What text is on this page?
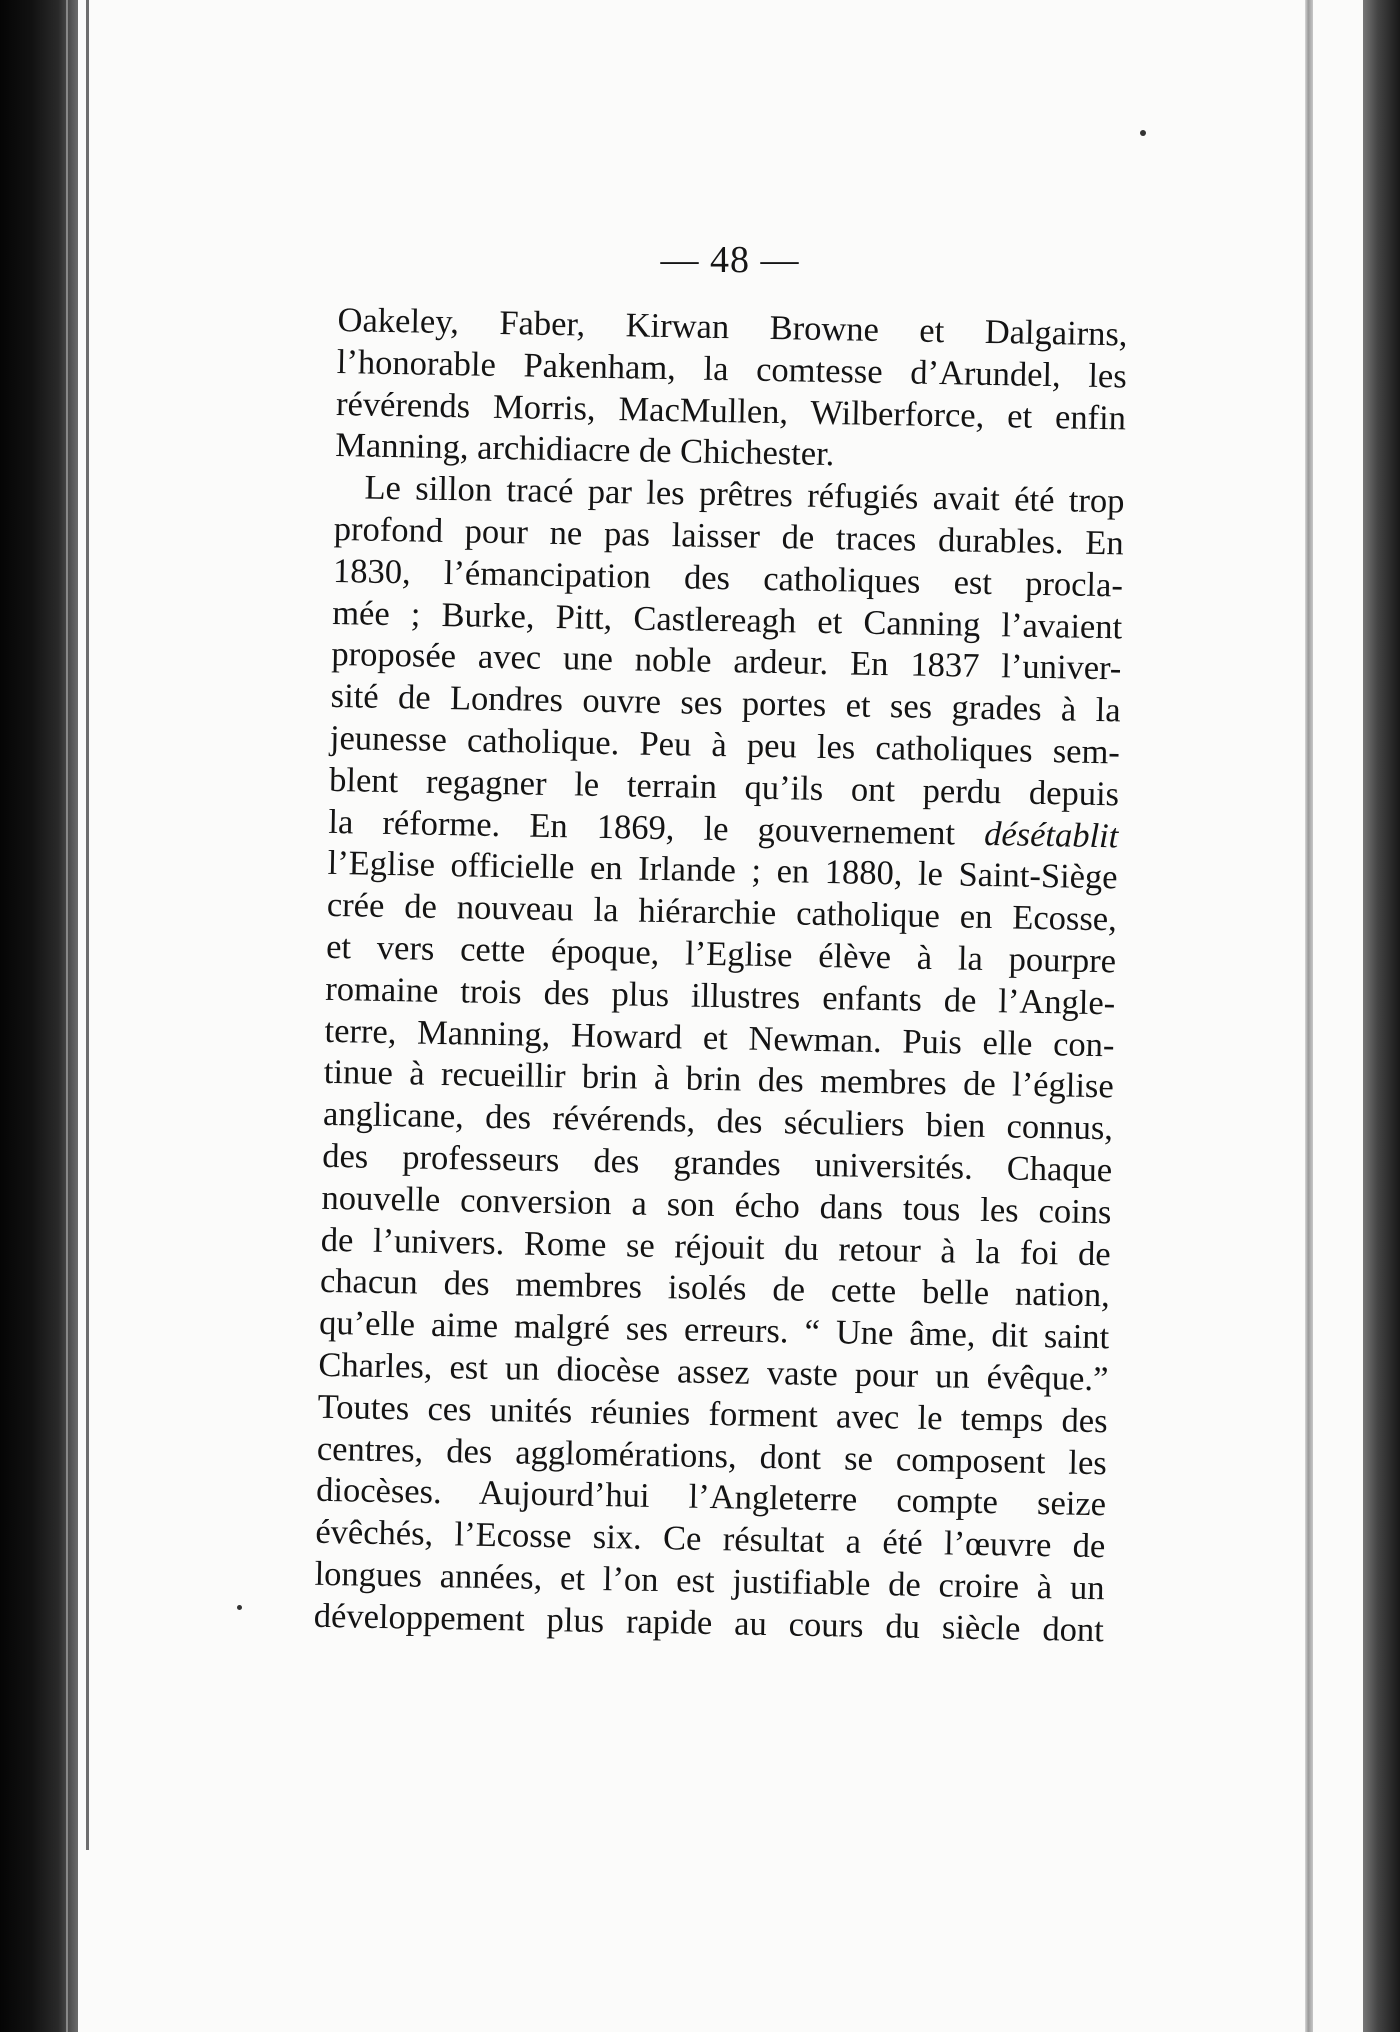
— 48 —
Oakeley, Faber, Kirwan Browne et Dalgairns,
l’honorable Pakenham, la comtesse d’Arundel, les
révérends Morris, MacMullen, Wilberforce, et enfin
Manning, archidiacre de Chichester.
Le sillon tracé par les prêtres réfugiés avait été trop
profond pour ne pas laisser de traces durables. En
1830, l’émancipation des catholiques est procla-
mée ; Burke, Pitt, Castlereagh et Canning l’avaient
proposée avec une noble ardeur. En 1837 l’univer-
sité de Londres ouvre ses portes et ses grades à la
jeunesse catholique. Peu à peu les catholiques sem-
blent regagner le terrain qu’ils ont perdu depuis
la réforme. En 1869, le gouvernement désétablit
l’Eglise officielle en Irlande ; en 1880, le Saint-Siège
crée de nouveau la hiérarchie catholique en Ecosse,
et vers cette époque, l’Eglise élève à la pourpre
romaine trois des plus illustres enfants de l’Angle-
terre, Manning, Howard et Newman. Puis elle con-
tinue à recueillir brin à brin des membres de l’église
anglicane, des révérends, des séculiers bien connus,
des professeurs des grandes universités. Chaque
nouvelle conversion a son écho dans tous les coins
de l’univers. Rome se réjouit du retour à la foi de
chacun des membres isolés de cette belle nation,
qu’elle aime malgré ses erreurs. “ Une âme, dit saint
Charles, est un diocèse assez vaste pour un évêque.”
Toutes ces unités réunies forment avec le temps des
centres, des agglomérations, dont se composent les
diocèses. Aujourd’hui l’Angleterre compte seize
évêchés, l’Ecosse six. Ce résultat a été l’œuvre de
longues années, et l’on est justifiable de croire à un
développement plus rapide au cours du siècle dont
